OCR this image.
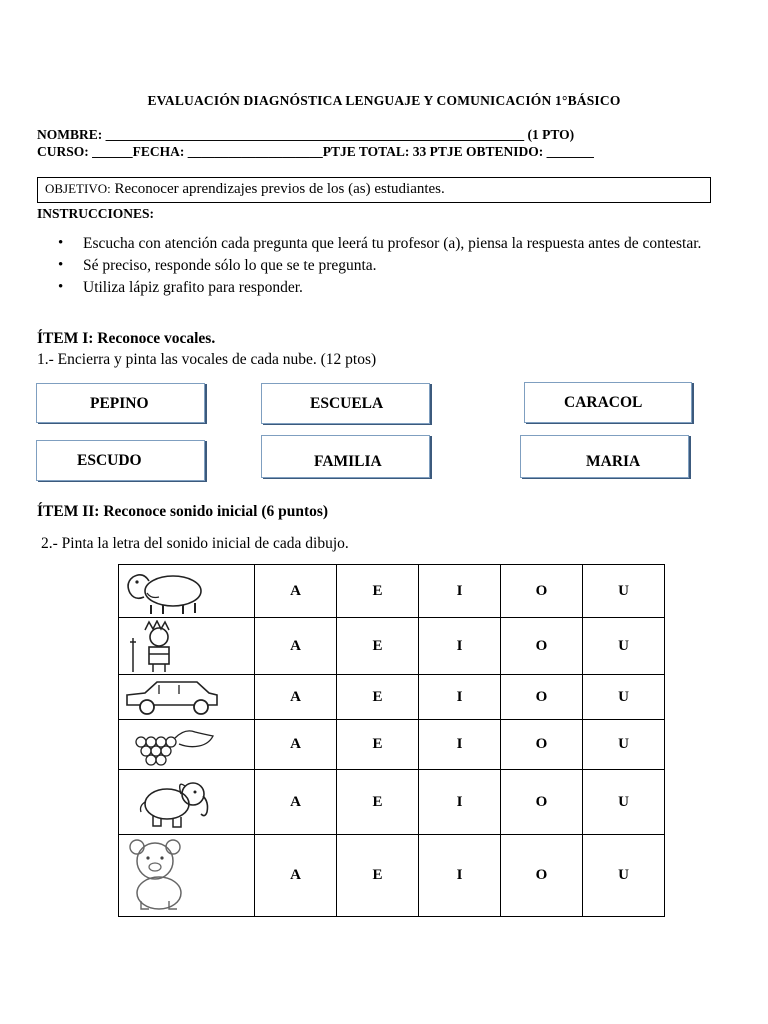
EVALUACIÓN DIAGNÓSTICA LENGUAJE Y COMUNICACIÓN 1°BÁSICO
NOMBRE: ______________________________________________________________ (1 PTO)
CURSO: ______FECHA: ____________________PTJE TOTAL: 33 PTJE OBTENIDO: _______
OBJETIVO: Reconocer aprendizajes previos de los (as) estudiantes.
INSTRUCCIONES:
• Escucha con atención cada pregunta que leerá tu profesor (a), piensa la respuesta antes de contestar.
• Sé preciso, responde sólo lo que se te pregunta.
• Utiliza lápiz grafito para responder.
ÍTEM I: Reconoce vocales.
1.- Encierra y pinta las vocales de cada nube. (12 ptos)
PEPINO	ESCUELA	CARACOL
ESCUDO	FAMILIA	MARIA
ÍTEM II: Reconoce sonido inicial (6 puntos)
2.- Pinta la letra del sonido inicial de cada dibujo.
	A	E	I	O	U

	A	E	I	O	U

	A	E	I	O	U

	A	E	I	O	U

	A	E	I	O	U

	A	E	I	O	U
